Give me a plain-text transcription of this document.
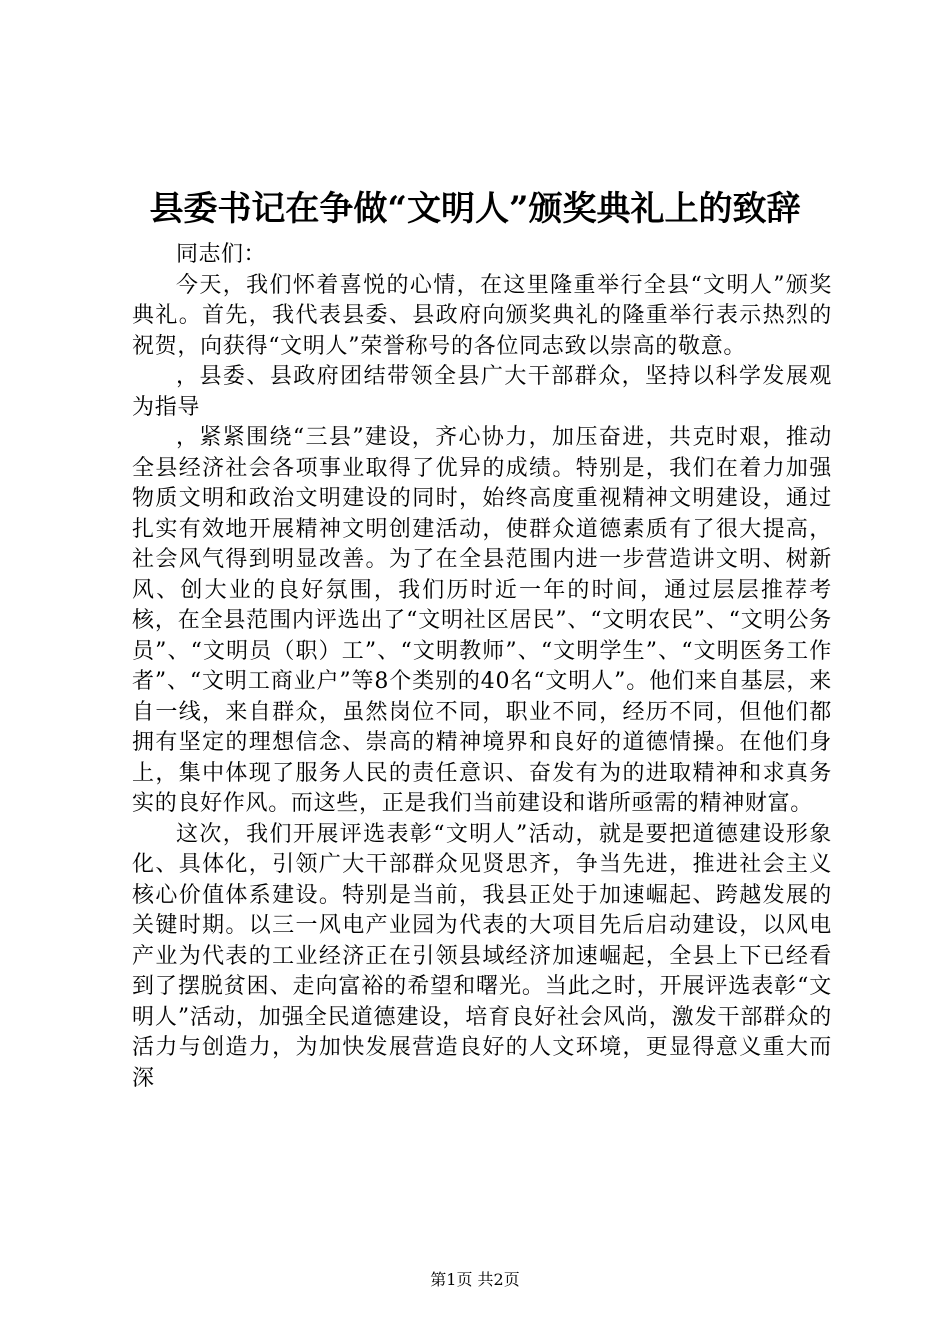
县委书记在争做“文明人”颁奖典礼上的致辞

同志们：

今天，我们怀着喜悦的心情，在这里隆重举行全县“文明人”颁奖典礼。首先，我代表县委、县政府向颁奖典礼的隆重举行表示热烈的祝贺，向获得“文明人”荣誉称号的各位同志致以崇高的敬意。

，县委、县政府团结带领全县广大干部群众，坚持以科学发展观为指导

，紧紧围绕“三县”建设，齐心协力，加压奋进，共克时艰，推动全县经济社会各项事业取得了优异的成绩。特别是，我们在着力加强物质文明和政治文明建设的同时，始终高度重视精神文明建设，通过扎实有效地开展精神文明创建活动，使群众道德素质有了很大提高，社会风气得到明显改善。为了在全县范围内进一步营造讲文明、树新风、创大业的良好氛围，我们历时近一年的时间，通过层层推荐考核，在全县范围内评选出了“文明社区居民”、“文明农民”、“文明公务员”、“文明员（职）工”、“文明教师”、“文明学生”、“文明医务工作者”、“文明工商业户”等8个类别的40名“文明人”。他们来自基层，来自一线，来自群众，虽然岗位不同，职业不同，经历不同，但他们都拥有坚定的理想信念、崇高的精神境界和良好的道德情操。在他们身上，集中体现了服务人民的责任意识、奋发有为的进取精神和求真务实的良好作风。而这些，正是我们当前建设和谐所亟需的精神财富。

这次，我们开展评选表彰“文明人”活动，就是要把道德建设形象化、具体化，引领广大干部群众见贤思齐，争当先进，推进社会主义核心价值体系建设。特别是当前，我县正处于加速崛起、跨越发展的关键时期。以三一风电产业园为代表的大项目先后启动建设，以风电产业为代表的工业经济正在引领县域经济加速崛起，全县上下已经看到了摆脱贫困、走向富裕的希望和曙光。当此之时，开展评选表彰“文明人”活动，加强全民道德建设，培育良好社会风尚，激发干部群众的活力与创造力，为加快发展营造良好的人文环境，更显得意义重大而深

第1页 共2页
